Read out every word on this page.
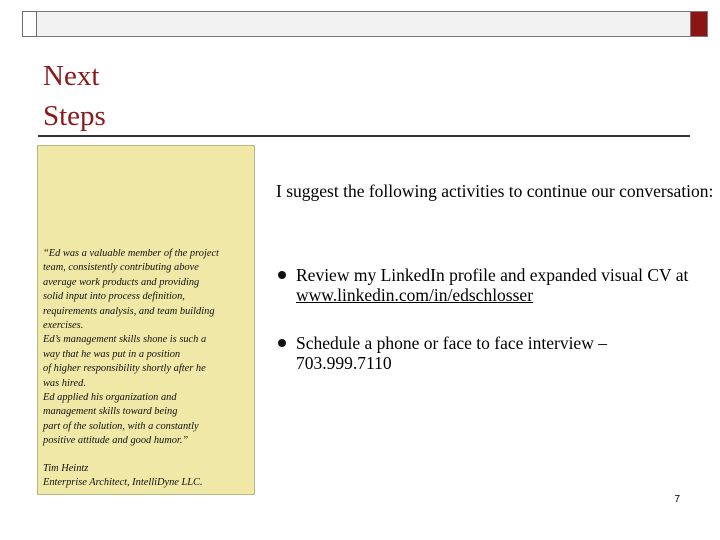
Next
Steps

“Ed was a valuable member of the project

team, consistently contributing above

average work products and providing

solid input into process definition,

requirements analysis, and team building

exercises.

Ed’s management skills shone is such a

way that he was put in a position

of higher responsibility shortly after he

was hired.

Ed applied his organization and

management skills toward being

part of the solution, with a constantly

positive attitude and good humor.”

Tim Heintz

Enterprise Architect, IntelliDyne LLC.

I suggest the following activities to continue our conversation:
Review my LinkedIn profile and expanded visual CV at www.linkedin.com/in/edschlosser
Schedule a phone or face to face interview – 703.999.7110
7
